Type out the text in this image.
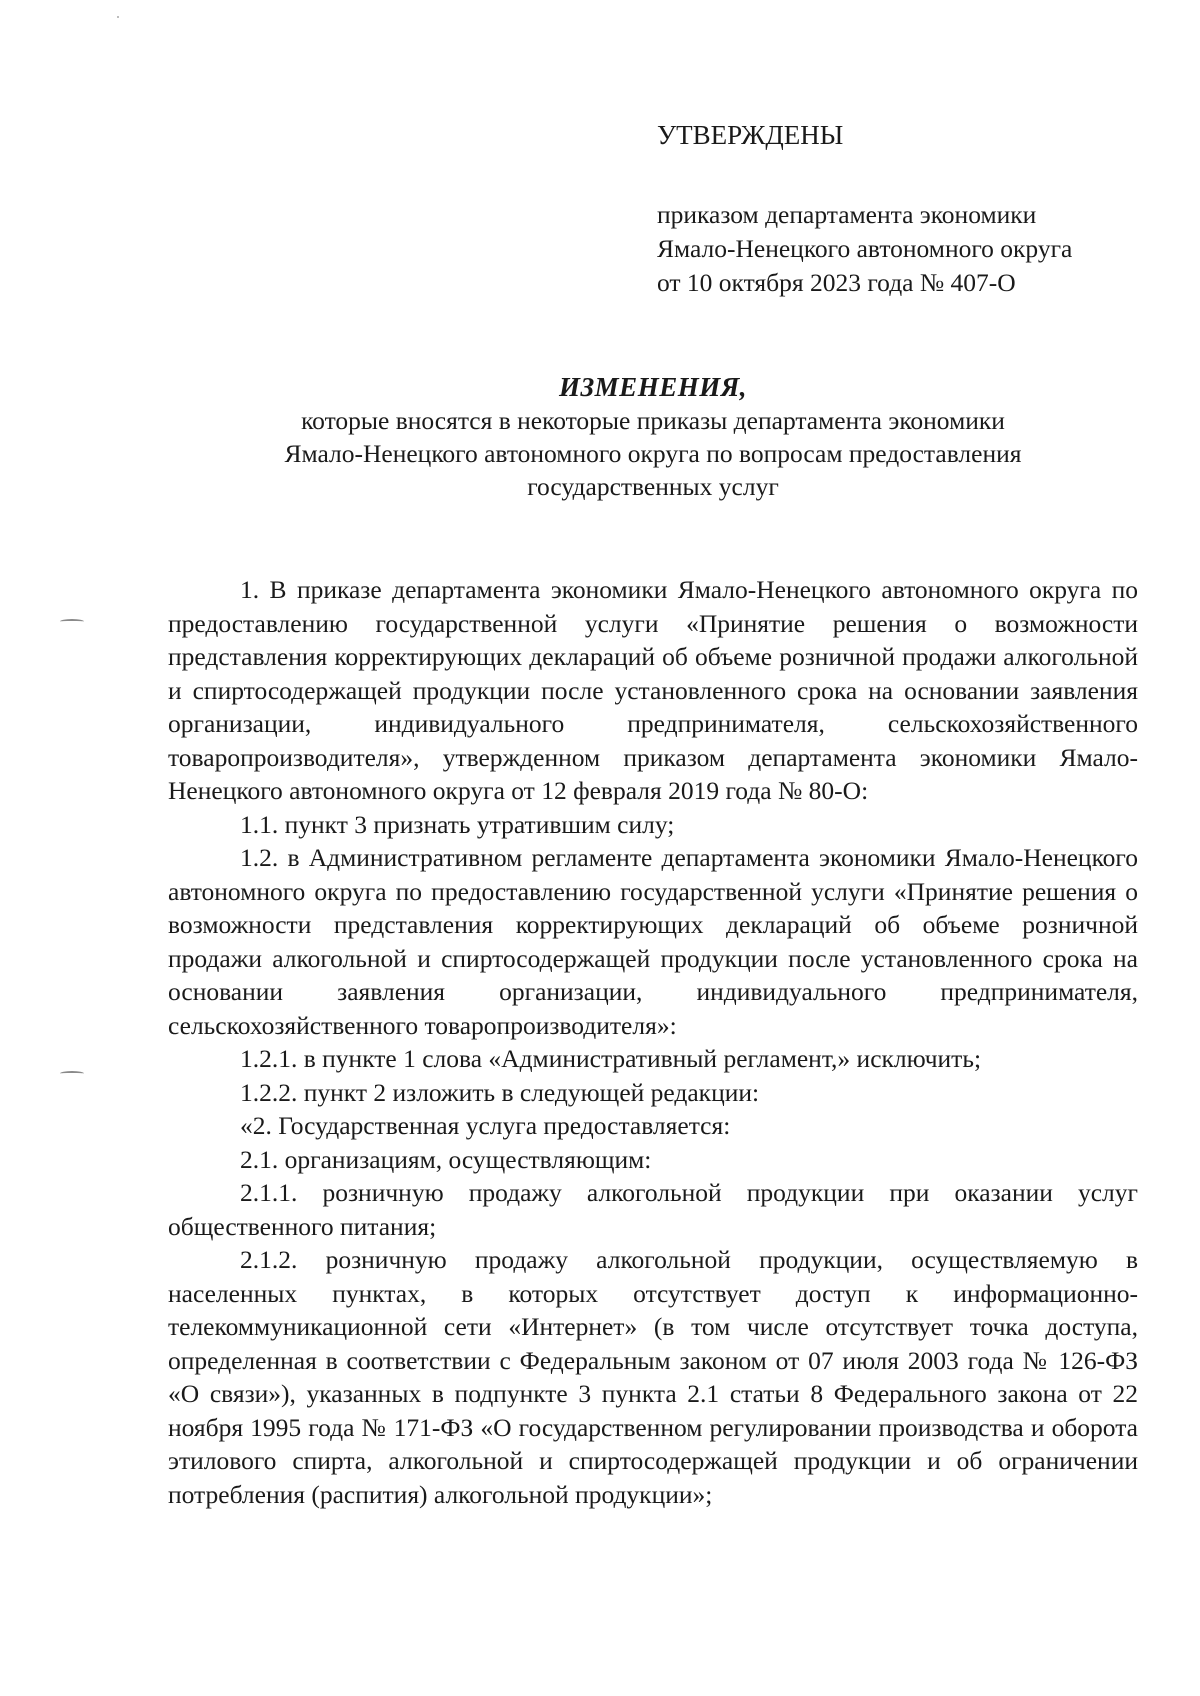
УТВЕРЖДЕНЫ
приказом департамента экономики
Ямало-Ненецкого автономного округа
от 10 октября 2023 года № 407-О
ИЗМЕНЕНИЯ,
которые вносятся в некоторые приказы департамента экономики
Ямало-Ненецкого автономного округа по вопросам предоставления
государственных услуг

1. В приказе департамента экономики Ямало-Ненецкого автономного округа по предоставлению государственной услуги «Принятие решения о возможности представления корректирующих деклараций об объеме розничной продажи алкогольной и спиртосодержащей продукции после установленного срока на основании заявления организации, индивидуального предпринимателя, сельскохозяйственного товаропроизводителя», утвержденном приказом департамента экономики Ямало-Ненецкого автономного округа от 12 февраля 2019 года № 80-О:

1.1. пункт 3 признать утратившим силу;

1.2. в Административном регламенте департамента экономики Ямало-Ненецкого автономного округа по предоставлению государственной услуги «Принятие решения о возможности представления корректирующих деклараций об объеме розничной продажи алкогольной и спиртосодержащей продукции после установленного срока на основании заявления организации, индивидуального предпринимателя, сельскохозяйственного товаропроизводителя»:

1.2.1. в пункте 1 слова «Административный регламент,» исключить;

1.2.2. пункт 2 изложить в следующей редакции:

«2. Государственная услуга предоставляется:

2.1. организациям, осуществляющим:

2.1.1. розничную продажу алкогольной продукции при оказании услуг общественного питания;

2.1.2. розничную продажу алкогольной продукции, осуществляемую в населенных пунктах, в которых отсутствует доступ к информационно-телекоммуникационной сети «Интернет» (в том числе отсутствует точка доступа, определенная в соответствии с Федеральным законом от 07 июля 2003 года № 126-ФЗ «О связи»), указанных в подпункте 3 пункта 2.1 статьи 8 Федерального закона от 22 ноября 1995 года № 171-ФЗ «О государственном регулировании производства и оборота этилового спирта, алкогольной и спиртосодержащей продукции и об ограничении потребления (распития) алкогольной продукции»;
